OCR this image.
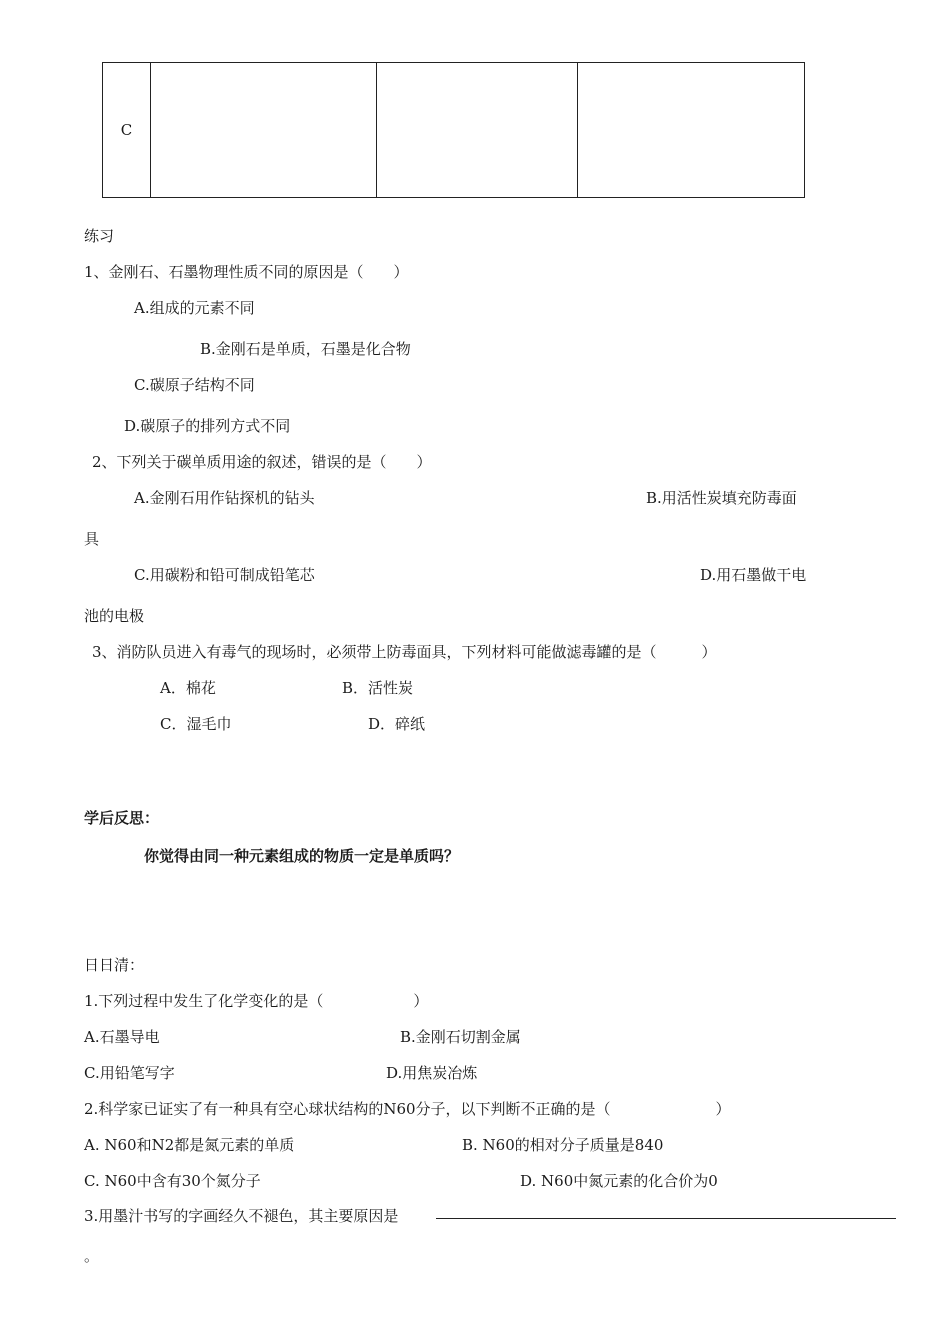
C			
练习
1、金刚石、石墨物理性质不同的原因是（　　）
A.组成的元素不同
B.金刚石是单质，石墨是化合物
C.碳原子结构不同
D.碳原子的排列方式不同
2、下列关于碳单质用途的叙述，错误的是（　　）
A.金刚石用作钻探机的钻头	B.用活性炭填充防毒面
具
C.用碳粉和铅可制成铅笔芯	D.用石墨做干电
池的电极
3、消防队员进入有毒气的现场时，必须带上防毒面具，下列材料可能做滤毒罐的是（　　　）
A．棉花	B．活性炭
C．湿毛巾	D．碎纸
学后反思：
你觉得由同一种元素组成的物质一定是单质吗？
日日清：
1.下列过程中发生了化学变化的是（　　　　　　）
A.石墨导电	B.金刚石切割金属
C.用铅笔写字	D.用焦炭冶炼
2.科学家已证实了有一种具有空心球状结构的N60分子，以下判断不正确的是（　　　　　　　）
A. N60和N2都是氮元素的单质	B. N60的相对分子质量是840
C. N60中含有30个氮分子	D. N60中氮元素的化合价为0
3.用墨汁书写的字画经久不褪色，其主要原因是
。
